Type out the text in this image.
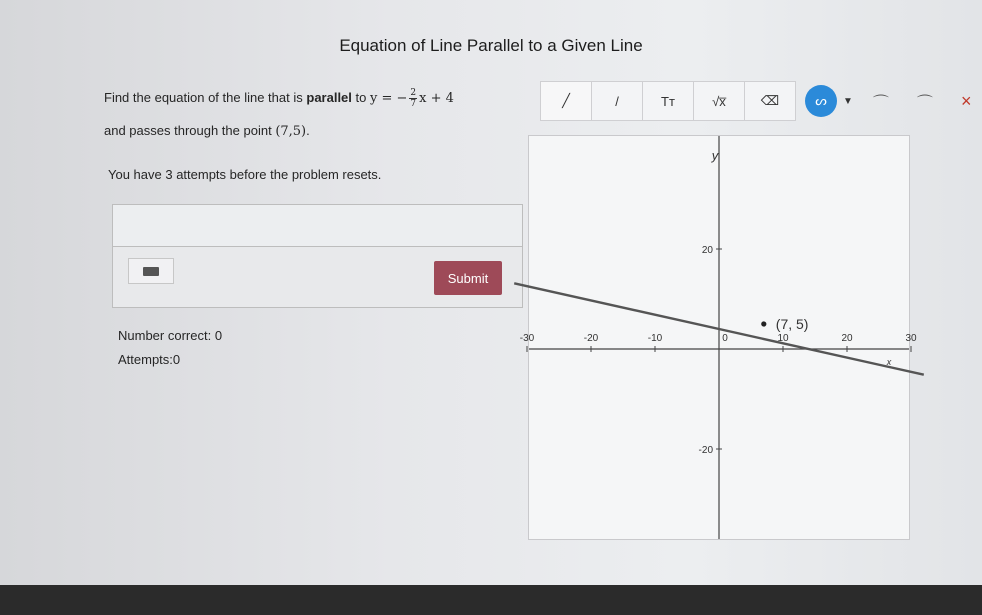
Equation of Line Parallel to a Given Line
Find the equation of the line that is parallel to y = − $\frac{2}{7}$ x + 4
and passes through the point (7,5).
You have 3 attempts before the problem resets.
Submit
Number correct: 0
Attempts:0
╱	/	Tт	√x̅	⌫	ᔕ ▼ ⌒ ⌒ ×
-30	-20	-10	0	10	20	30
20
-20
y
x
(7, 5)
